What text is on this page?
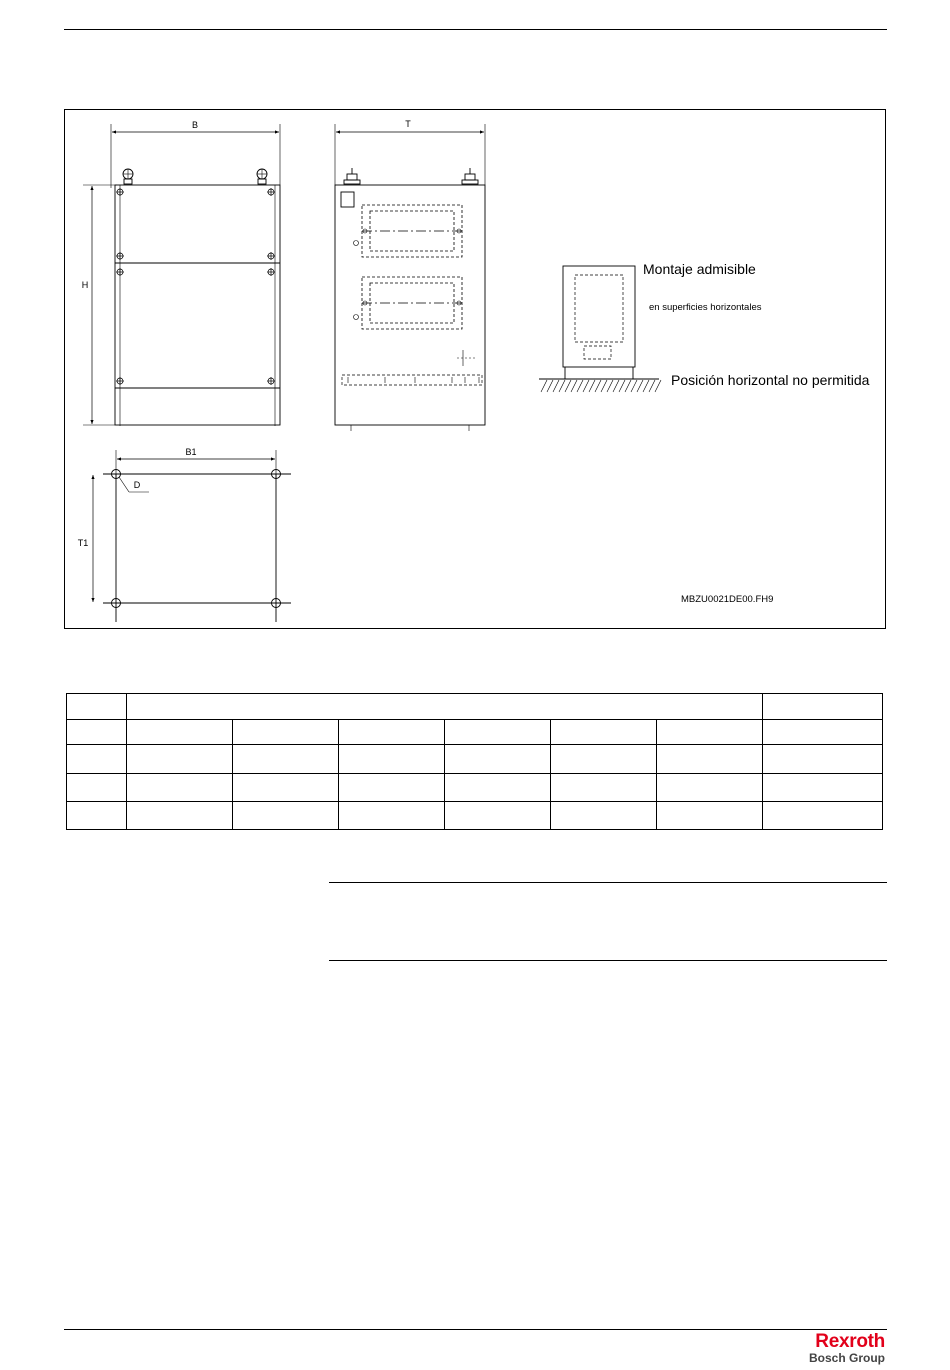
B
H
T
B1
T1
D
Montaje admisible
en superficies horizontales
Posición horizontal no permitida
MBZU0021DE00.FH9

Rexroth
Bosch Group
